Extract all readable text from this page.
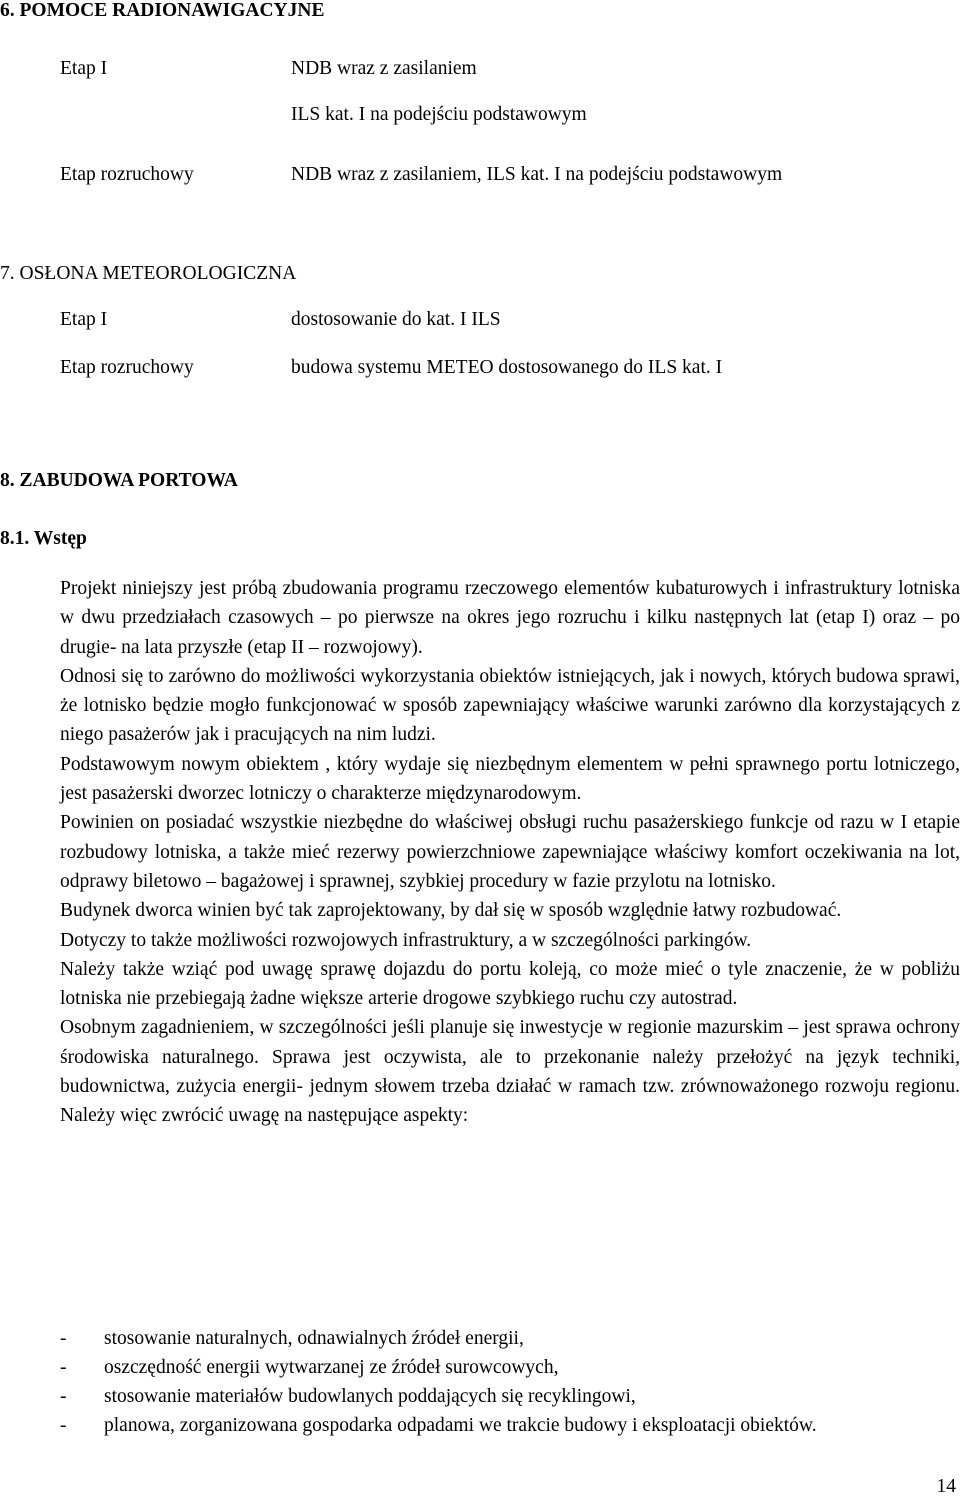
6. POMOCE RADIONAWIGACYJNE
Etap I	NDB wraz z zasilaniem
ILS kat. I na podejściu podstawowym
Etap rozruchowy	NDB wraz z zasilaniem, ILS kat. I na podejściu podstawowym
7. OSŁONA METEOROLOGICZNA
Etap I	dostosowanie do kat. I ILS
Etap rozruchowy	budowa systemu METEO dostosowanego do ILS kat. I
8. ZABUDOWA PORTOWA
8.1. Wstęp

Projekt niniejszy jest próbą zbudowania programu rzeczowego elementów kubaturowych i infrastruktury lotniska w dwu przedziałach czasowych – po pierwsze na okres jego rozruchu i kilku następnych lat (etap I) oraz – po drugie- na lata przyszłe (etap II – rozwojowy).

Odnosi się to zarówno do możliwości wykorzystania obiektów istniejących, jak i nowych, których budowa sprawi, że lotnisko będzie mogło funkcjonować w sposób zapewniający właściwe warunki zarówno dla korzystających z niego pasażerów jak i pracujących na nim ludzi.

Podstawowym nowym obiektem , który wydaje się niezbędnym elementem w pełni sprawnego portu lotniczego, jest pasażerski dworzec lotniczy o charakterze międzynarodowym.

Powinien on posiadać wszystkie niezbędne do właściwej obsługi ruchu pasażerskiego funkcje od razu w I etapie rozbudowy lotniska, a także mieć rezerwy powierzchniowe zapewniające właściwy komfort oczekiwania na lot, odprawy biletowo – bagażowej i sprawnej, szybkiej procedury w fazie przylotu na lotnisko.

Budynek dworca winien być tak zaprojektowany, by dał się w sposób względnie łatwy rozbudować.

Dotyczy to także możliwości rozwojowych infrastruktury, a w szczególności parkingów.

Należy także wziąć pod uwagę sprawę dojazdu do portu koleją, co może mieć o tyle znaczenie, że w pobliżu lotniska nie przebiegają żadne większe arterie drogowe szybkiego ruchu czy autostrad.

Osobnym zagadnieniem, w szczególności jeśli planuje się inwestycje w regionie mazurskim – jest sprawa ochrony środowiska naturalnego. Sprawa jest oczywista, ale to przekonanie należy przełożyć na język techniki, budownictwa, zużycia energii- jednym słowem trzeba działać w ramach tzw. zrównoważonego rozwoju regionu. Należy więc zwrócić uwagę na następujące aspekty:

- stosowanie naturalnych, odnawialnych źródeł energii,
- oszczędność energii wytwarzanej ze źródeł surowcowych,
- stosowanie materiałów budowlanych poddających się recyklingowi,
- planowa, zorganizowana gospodarka odpadami we trakcie budowy i eksploatacji obiektów.
14
